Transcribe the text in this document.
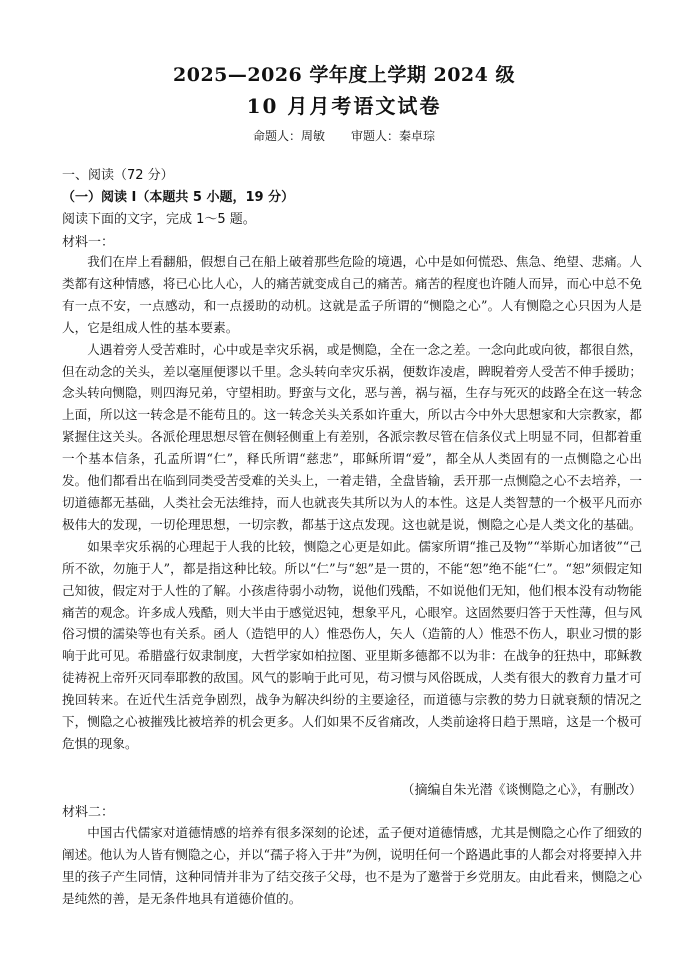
2025—2026 学年度上学期 2024 级
10 月月考语文试卷
命题人：周敏 审题人：秦卓琮
一、阅读（72 分）
（一）阅读 I（本题共 5 小题，19 分）
阅读下面的文字，完成 1～5 题。
材料一：

我们在岸上看翻船，假想自己在船上破着那些危险的境遇，心中是如何慌恐、焦急、绝望、悲痛。人类都有这种情感，将已心比人心，人的痛苦就变成自己的痛苦。痛苦的程度也许随人而异，而心中总不免有一点不安，一点感动，和一点援助的动机。这就是孟子所谓的“恻隐之心”。人有恻隐之心只因为人是人，它是组成人性的基本要素。

人遇着旁人受苦难时，心中或是幸灾乐祸，或是恻隐，全在一念之差。一念向此或向彼，都很自然，但在动念的关头，差以毫厘便谬以千里。念头转向幸灾乐祸，便数诈凌虐，睥睨着旁人受苦不伸手援助；念头转向恻隐，则四海兄弟，守望相助。野蛮与文化，恶与善，祸与福，生存与死灭的歧路全在这一转念上面，所以这一转念是不能苟且的。这一转念关头关系如许重大，所以古今中外大思想家和大宗教家，都紧握住这关头。各派伦理思想尽管在侧轻侧重上有差别，各派宗教尽管在信条仪式上明显不同，但都着重一个基本信条，孔孟所谓“仁”，释氏所谓“慈悲”，耶稣所谓“爱”，都全从人类固有的一点恻隐之心出发。他们都看出在临到同类受苦受难的关头上，一着走错，全盘皆输，丢开那一点恻隐之心不去培养，一切道德都无基础，人类社会无法维持，而人也就丧失其所以为人的本性。这是人类智慧的一个极平凡而亦极伟大的发现，一切伦理思想，一切宗教，都基于这点发现。这也就是说，恻隐之心是人类文化的基础。

如果幸灾乐祸的心理起于人我的比较，恻隐之心更是如此。儒家所谓“推己及物”“举斯心加诸彼”“己所不欲，勿施于人”，都是指这种比较。所以“仁”与“恕”是一贯的，不能“恕”绝不能“仁”。“恕”须假定知己知彼，假定对于人性的了解。小孩虐待弱小动物，说他们残酷，不如说他们无知，他们根本没有动物能痛苦的观念。许多成人残酷，则大半由于感觉迟钝，想象平凡，心眼窄。这固然要归答于天性薄，但与风俗习惯的濡染等也有关系。函人（造铠甲的人）惟恐伤人，矢人（造箭的人）惟恐不伤人，职业习惯的影响于此可见。希腊盛行奴隶制度，大哲学家如柏拉图、亚里斯多德都不以为非：在战争的狂热中，耶稣教徒祷祝上帝歼灭同奉耶教的敌国。风气的影响于此可见，苟习惯与风俗既成，人类有很大的教育力量才可挽回转来。在近代生活竞争剧烈，战争为解决纠纷的主要途径，而道德与宗教的势力日就衰颓的情况之下，恻隐之心被摧残比被培养的机会更多。人们如果不反省痛改，人类前途将日趋于黑暗，这是一个极可危惧的现象。

（摘编自朱光潜《谈恻隐之心》，有删改）
材料二：

中国古代儒家对道德情感的培养有很多深刻的论述，孟子便对道德情感，尤其是恻隐之心作了细致的阐述。他认为人皆有恻隐之心，并以“孺子将入于井”为例，说明任何一个路遇此事的人都会对将要掉入井里的孩子产生同情，这种同情并非为了结交孩子父母，也不是为了邀誉于乡党朋友。由此看来，恻隐之心是纯然的善，是无条件地具有道德价值的。
